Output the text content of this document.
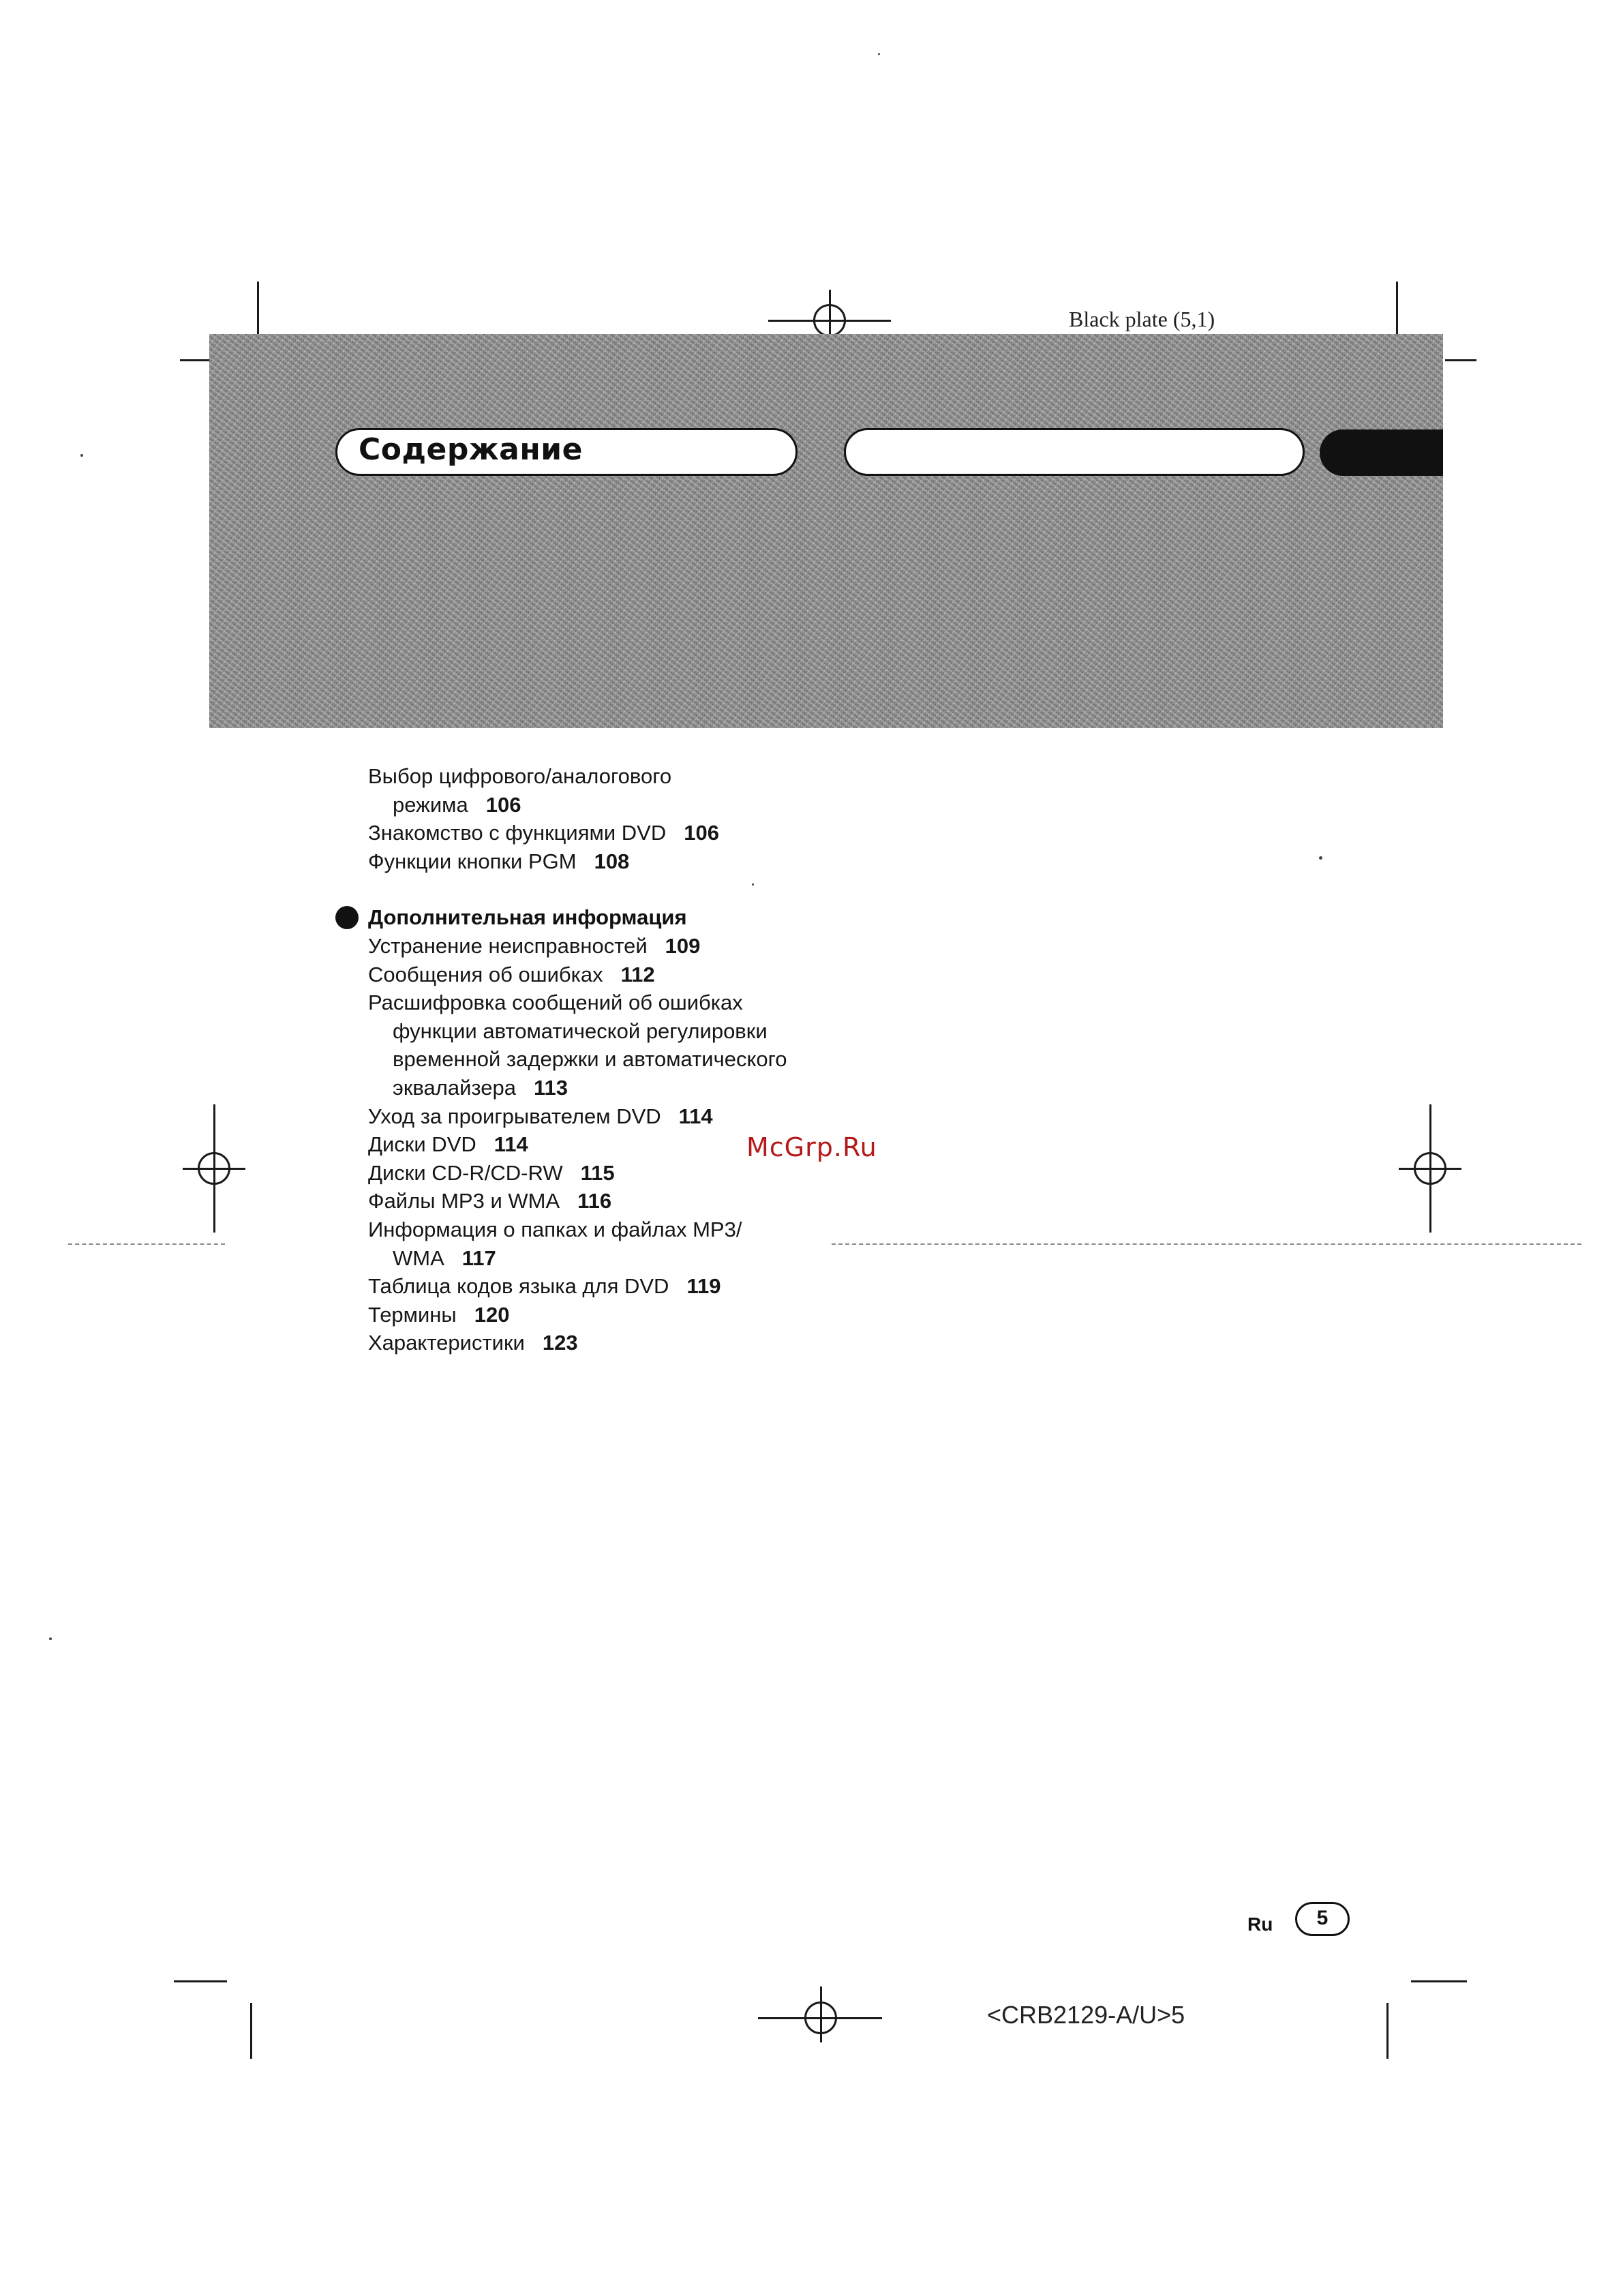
Black plate (5,1)
Содержание
Выбор цифрового/аналогового
режима 106
Знакомство с функциями DVD 106
Функции кнопки PGM 108
Дополнительная информация
Устранение неисправностей 109
Сообщения об ошибках 112
Расшифровка сообщений об ошибках
функции автоматической регулировки
временной задержки и автоматического
эквалайзера 113
Уход за проигрывателем DVD 114
Диски DVD 114
Диски CD-R/CD-RW 115
Файлы MP3 и WMA 116
Информация о папках и файлах MP3/
WMA 117
Таблица кодов языка для DVD 119
Термины 120
Характеристики 123
McGrp.Ru
Ru	5
<CRB2129-A/U>5
